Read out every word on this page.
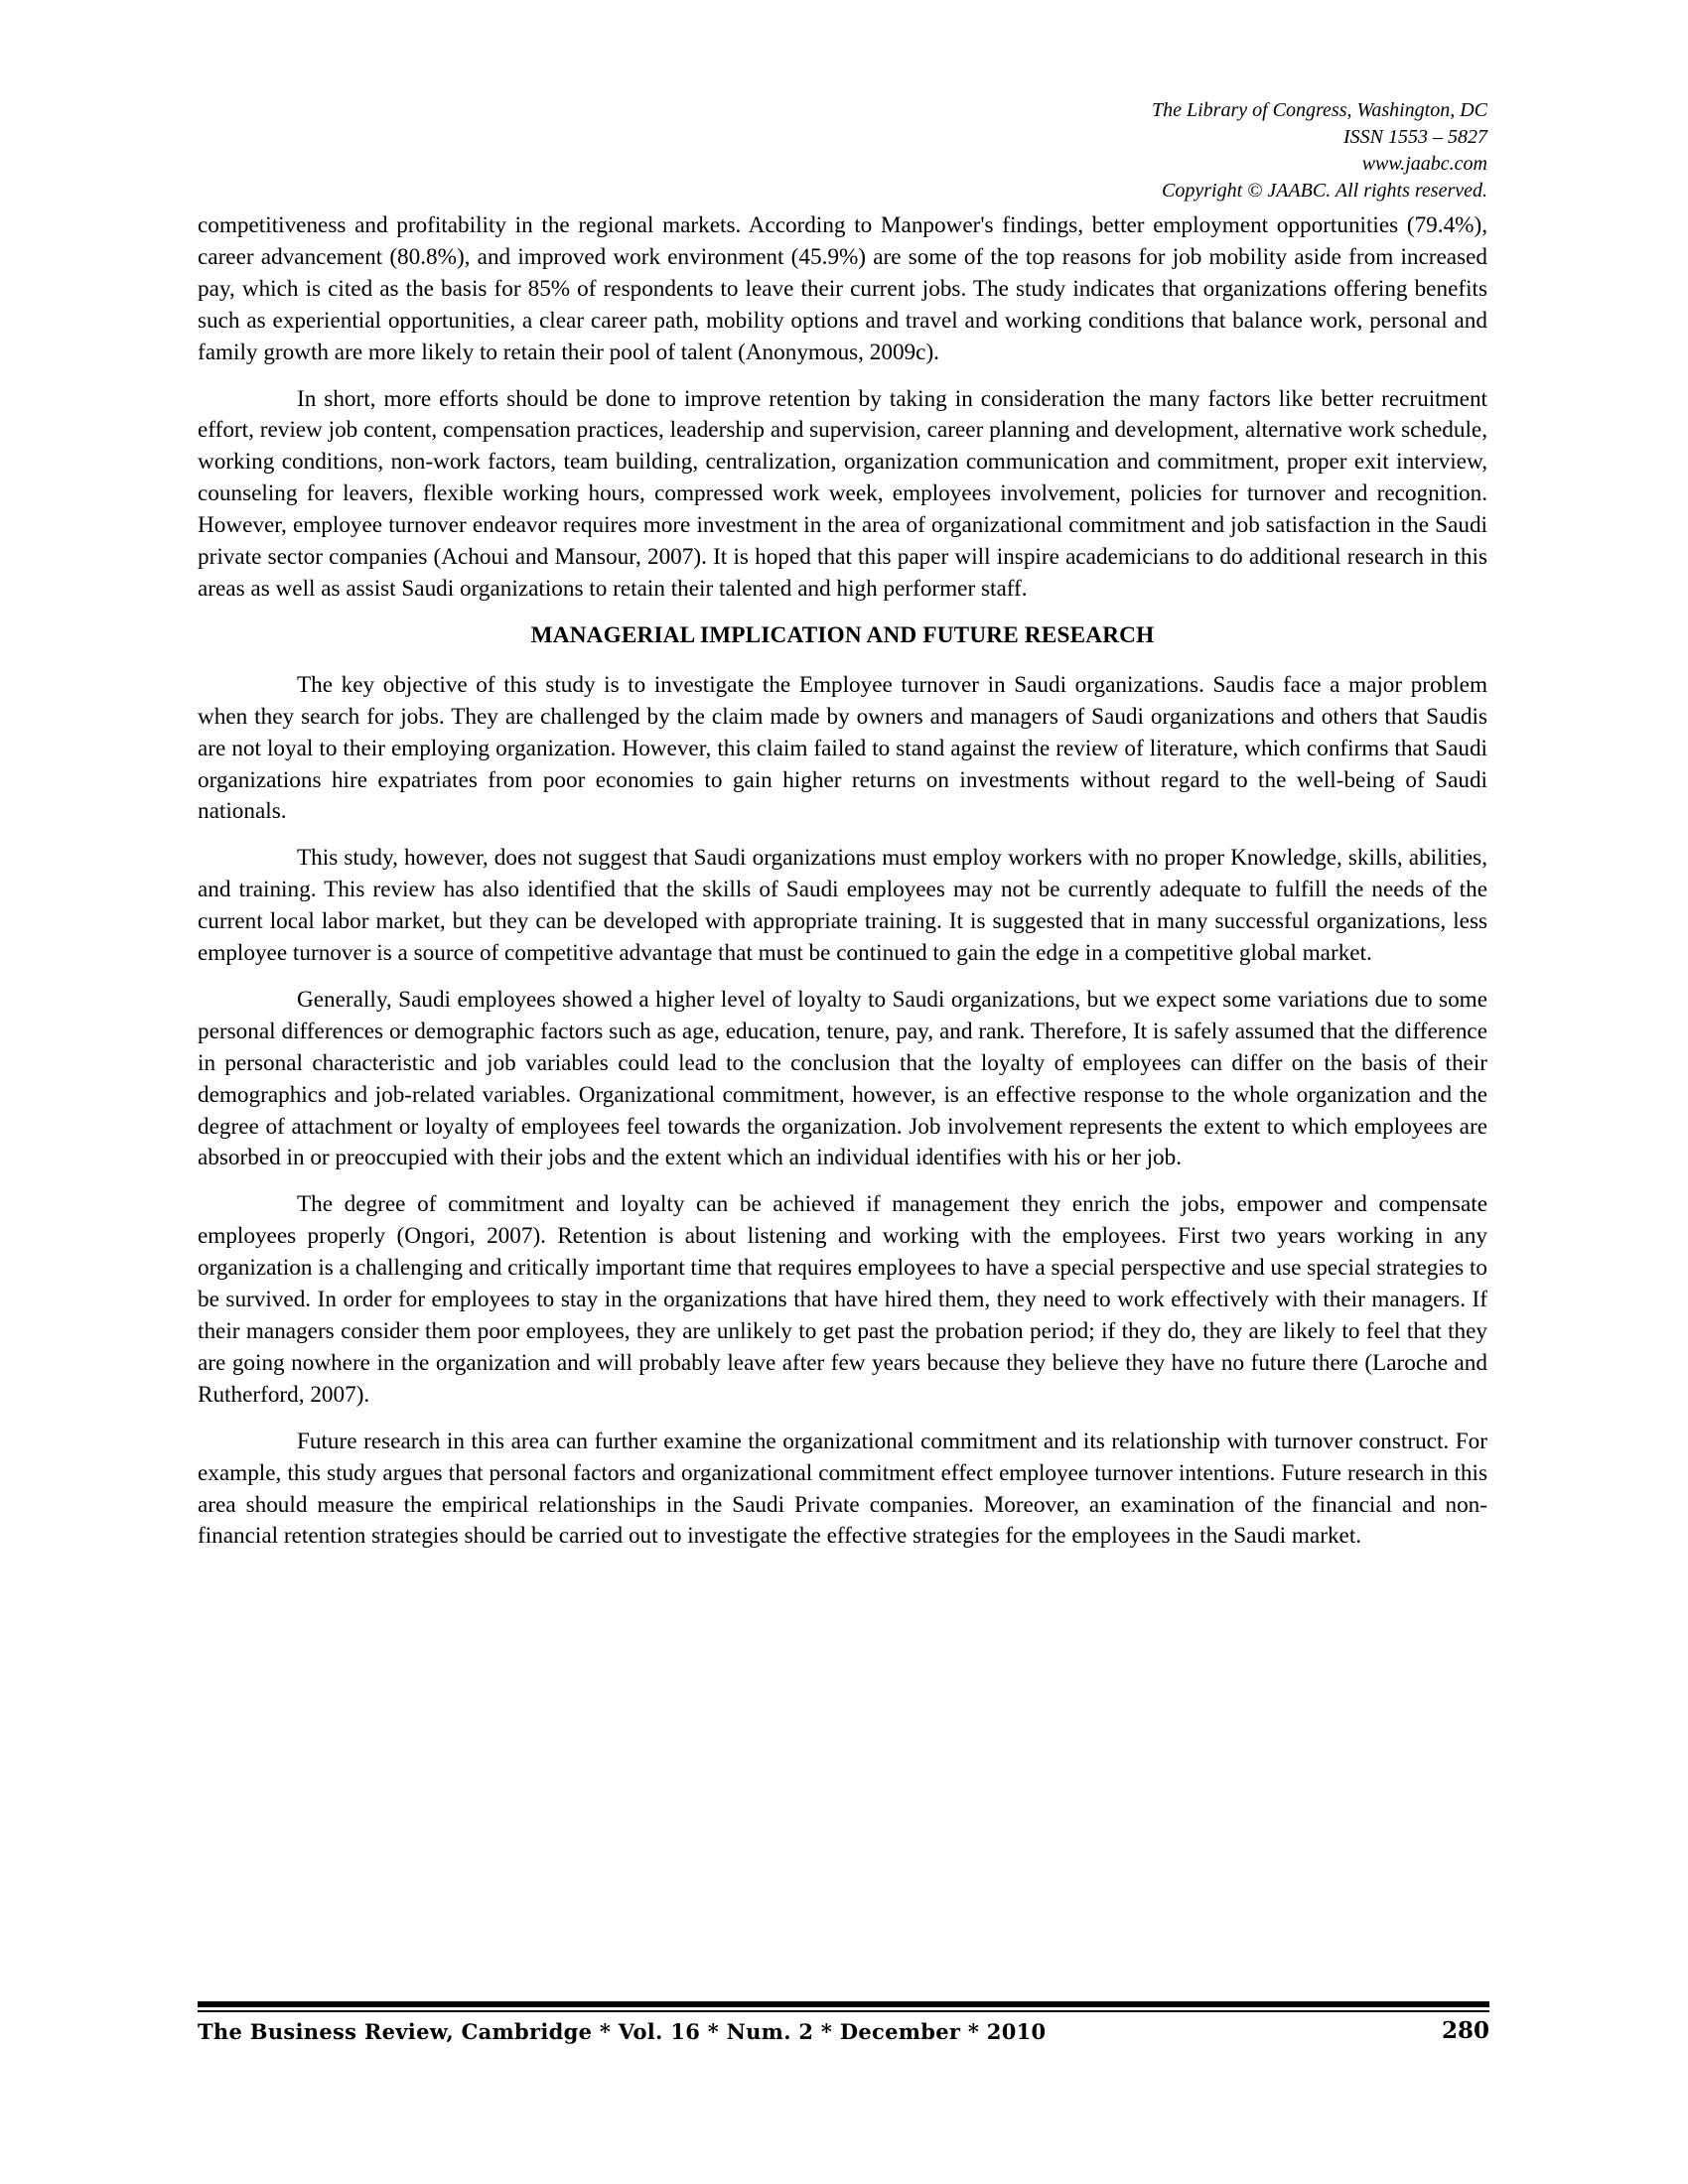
The Library of Congress, Washington, DC
ISSN 1553 – 5827
www.jaabc.com
Copyright © JAABC. All rights reserved.

competitiveness and profitability in the regional markets. According to Manpower's findings, better employment opportunities (79.4%), career advancement (80.8%), and improved work environment (45.9%) are some of the top reasons for job mobility aside from increased pay, which is cited as the basis for 85% of respondents to leave their current jobs. The study indicates that organizations offering benefits such as experiential opportunities, a clear career path, mobility options and travel and working conditions that balance work, personal and family growth are more likely to retain their pool of talent (Anonymous, 2009c).

In short, more efforts should be done to improve retention by taking in consideration the many factors like better recruitment effort, review job content, compensation practices, leadership and supervision, career planning and development, alternative work schedule, working conditions, non-work factors, team building, centralization, organization communication and commitment, proper exit interview, counseling for leavers, flexible working hours, compressed work week, employees involvement, policies for turnover and recognition. However, employee turnover endeavor requires more investment in the area of organizational commitment and job satisfaction in the Saudi private sector companies (Achoui and Mansour, 2007). It is hoped that this paper will inspire academicians to do additional research in this areas as well as assist Saudi organizations to retain their talented and high performer staff.

MANAGERIAL IMPLICATION AND FUTURE RESEARCH

The key objective of this study is to investigate the Employee turnover in Saudi organizations. Saudis face a major problem when they search for jobs. They are challenged by the claim made by owners and managers of Saudi organizations and others that Saudis are not loyal to their employing organization. However, this claim failed to stand against the review of literature, which confirms that Saudi organizations hire expatriates from poor economies to gain higher returns on investments without regard to the well-being of Saudi nationals.

This study, however, does not suggest that Saudi organizations must employ workers with no proper Knowledge, skills, abilities, and training. This review has also identified that the skills of Saudi employees may not be currently adequate to fulfill the needs of the current local labor market, but they can be developed with appropriate training. It is suggested that in many successful organizations, less employee turnover is a source of competitive advantage that must be continued to gain the edge in a competitive global market.

Generally, Saudi employees showed a higher level of loyalty to Saudi organizations, but we expect some variations due to some personal differences or demographic factors such as age, education, tenure, pay, and rank. Therefore, It is safely assumed that the difference in personal characteristic and job variables could lead to the conclusion that the loyalty of employees can differ on the basis of their demographics and job-related variables. Organizational commitment, however, is an effective response to the whole organization and the degree of attachment or loyalty of employees feel towards the organization. Job involvement represents the extent to which employees are absorbed in or preoccupied with their jobs and the extent which an individual identifies with his or her job.

The degree of commitment and loyalty can be achieved if management they enrich the jobs, empower and compensate employees properly (Ongori, 2007). Retention is about listening and working with the employees. First two years working in any organization is a challenging and critically important time that requires employees to have a special perspective and use special strategies to be survived. In order for employees to stay in the organizations that have hired them, they need to work effectively with their managers. If their managers consider them poor employees, they are unlikely to get past the probation period; if they do, they are likely to feel that they are going nowhere in the organization and will probably leave after few years because they believe they have no future there (Laroche and Rutherford, 2007).

Future research in this area can further examine the organizational commitment and its relationship with turnover construct. For example, this study argues that personal factors and organizational commitment effect employee turnover intentions. Future research in this area should measure the empirical relationships in the Saudi Private companies. Moreover, an examination of the financial and non-financial retention strategies should be carried out to investigate the effective strategies for the employees in the Saudi market.

The Business Review, Cambridge * Vol. 16 * Num. 2 * December * 2010	280
